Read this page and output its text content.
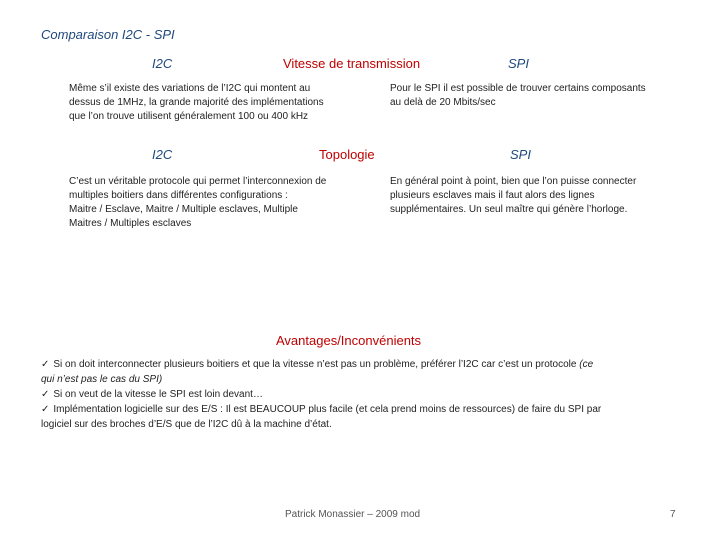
Comparaison I2C - SPI
I2C	Vitesse de transmission	SPI
Même s’il existe des variations de l’I2C qui montent au
dessus de 1MHz, la grande majorité des implémentations
que l’on trouve utilisent généralement 100 ou 400 kHz
Pour le SPI il est possible de trouver certains composants
au delà de 20 Mbits/sec
I2C	Topologie	SPI
C’est un véritable protocole qui permet l’interconnexion de
multiples boitiers dans différentes configurations :
Maitre / Esclave, Maitre / Multiple esclaves, Multiple
Maitres / Multiples esclaves
En général point à point, bien que l’on puisse connecter
plusieurs esclaves mais il faut alors des lignes
supplémentaires. Un seul maître qui génère l’horloge.
Avantages/Inconvénients
✓ Si on doit interconnecter plusieurs boitiers et que la vitesse n’est pas un problème, préférer l’I2C car c’est un protocole (ce
qui n’est pas le cas du SPI)
✓ Si on veut de la vitesse le SPI est loin devant…
✓ Implémentation logicielle sur des E/S : Il est BEAUCOUP plus facile (et cela prend moins de ressources) de faire du SPI par
logiciel sur des broches d’E/S que de l’I2C dû à la machine d’état.
Patrick Monassier – 2009 mod	7
